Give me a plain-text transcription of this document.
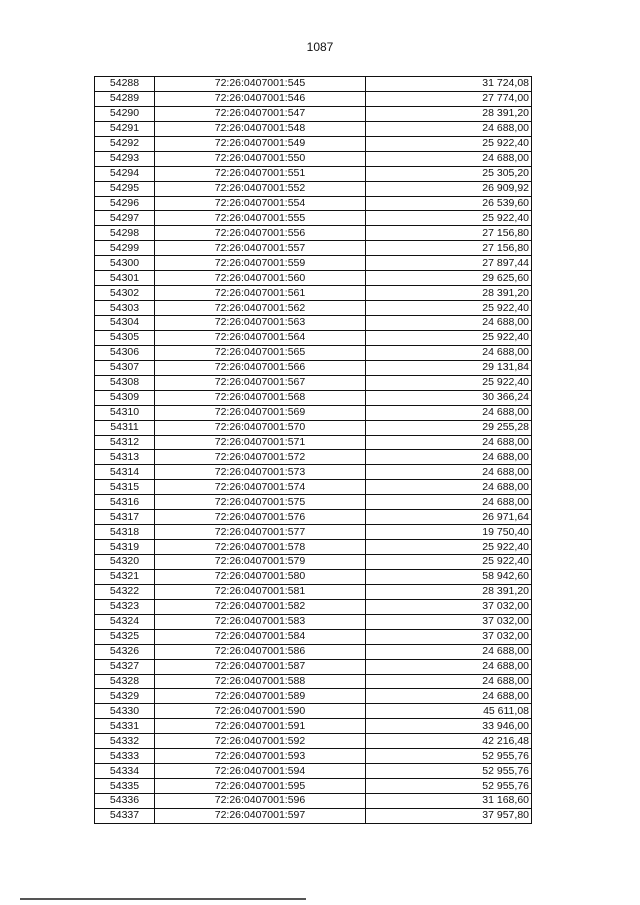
1087
54288	72:26:0407001:545	31 724,08
54289	72:26:0407001:546	27 774,00
54290	72:26:0407001:547	28 391,20
54291	72:26:0407001:548	24 688,00
54292	72:26:0407001:549	25 922,40
54293	72:26:0407001:550	24 688,00
54294	72:26:0407001:551	25 305,20
54295	72:26:0407001:552	26 909,92
54296	72:26:0407001:554	26 539,60
54297	72:26:0407001:555	25 922,40
54298	72:26:0407001:556	27 156,80
54299	72:26:0407001:557	27 156,80
54300	72:26:0407001:559	27 897,44
54301	72:26:0407001:560	29 625,60
54302	72:26:0407001:561	28 391,20
54303	72:26:0407001:562	25 922,40
54304	72:26:0407001:563	24 688,00
54305	72:26:0407001:564	25 922,40
54306	72:26:0407001:565	24 688,00
54307	72:26:0407001:566	29 131,84
54308	72:26:0407001:567	25 922,40
54309	72:26:0407001:568	30 366,24
54310	72:26:0407001:569	24 688,00
54311	72:26:0407001:570	29 255,28
54312	72:26:0407001:571	24 688,00
54313	72:26:0407001:572	24 688,00
54314	72:26:0407001:573	24 688,00
54315	72:26:0407001:574	24 688,00
54316	72:26:0407001:575	24 688,00
54317	72:26:0407001:576	26 971,64
54318	72:26:0407001:577	19 750,40
54319	72:26:0407001:578	25 922,40
54320	72:26:0407001:579	25 922,40
54321	72:26:0407001:580	58 942,60
54322	72:26:0407001:581	28 391,20
54323	72:26:0407001:582	37 032,00
54324	72:26:0407001:583	37 032,00
54325	72:26:0407001:584	37 032,00
54326	72:26:0407001:586	24 688,00
54327	72:26:0407001:587	24 688,00
54328	72:26:0407001:588	24 688,00
54329	72:26:0407001:589	24 688,00
54330	72:26:0407001:590	45 611,08
54331	72:26:0407001:591	33 946,00
54332	72:26:0407001:592	42 216,48
54333	72:26:0407001:593	52 955,76
54334	72:26:0407001:594	52 955,76
54335	72:26:0407001:595	52 955,76
54336	72:26:0407001:596	31 168,60
54337	72:26:0407001:597	37 957,80
